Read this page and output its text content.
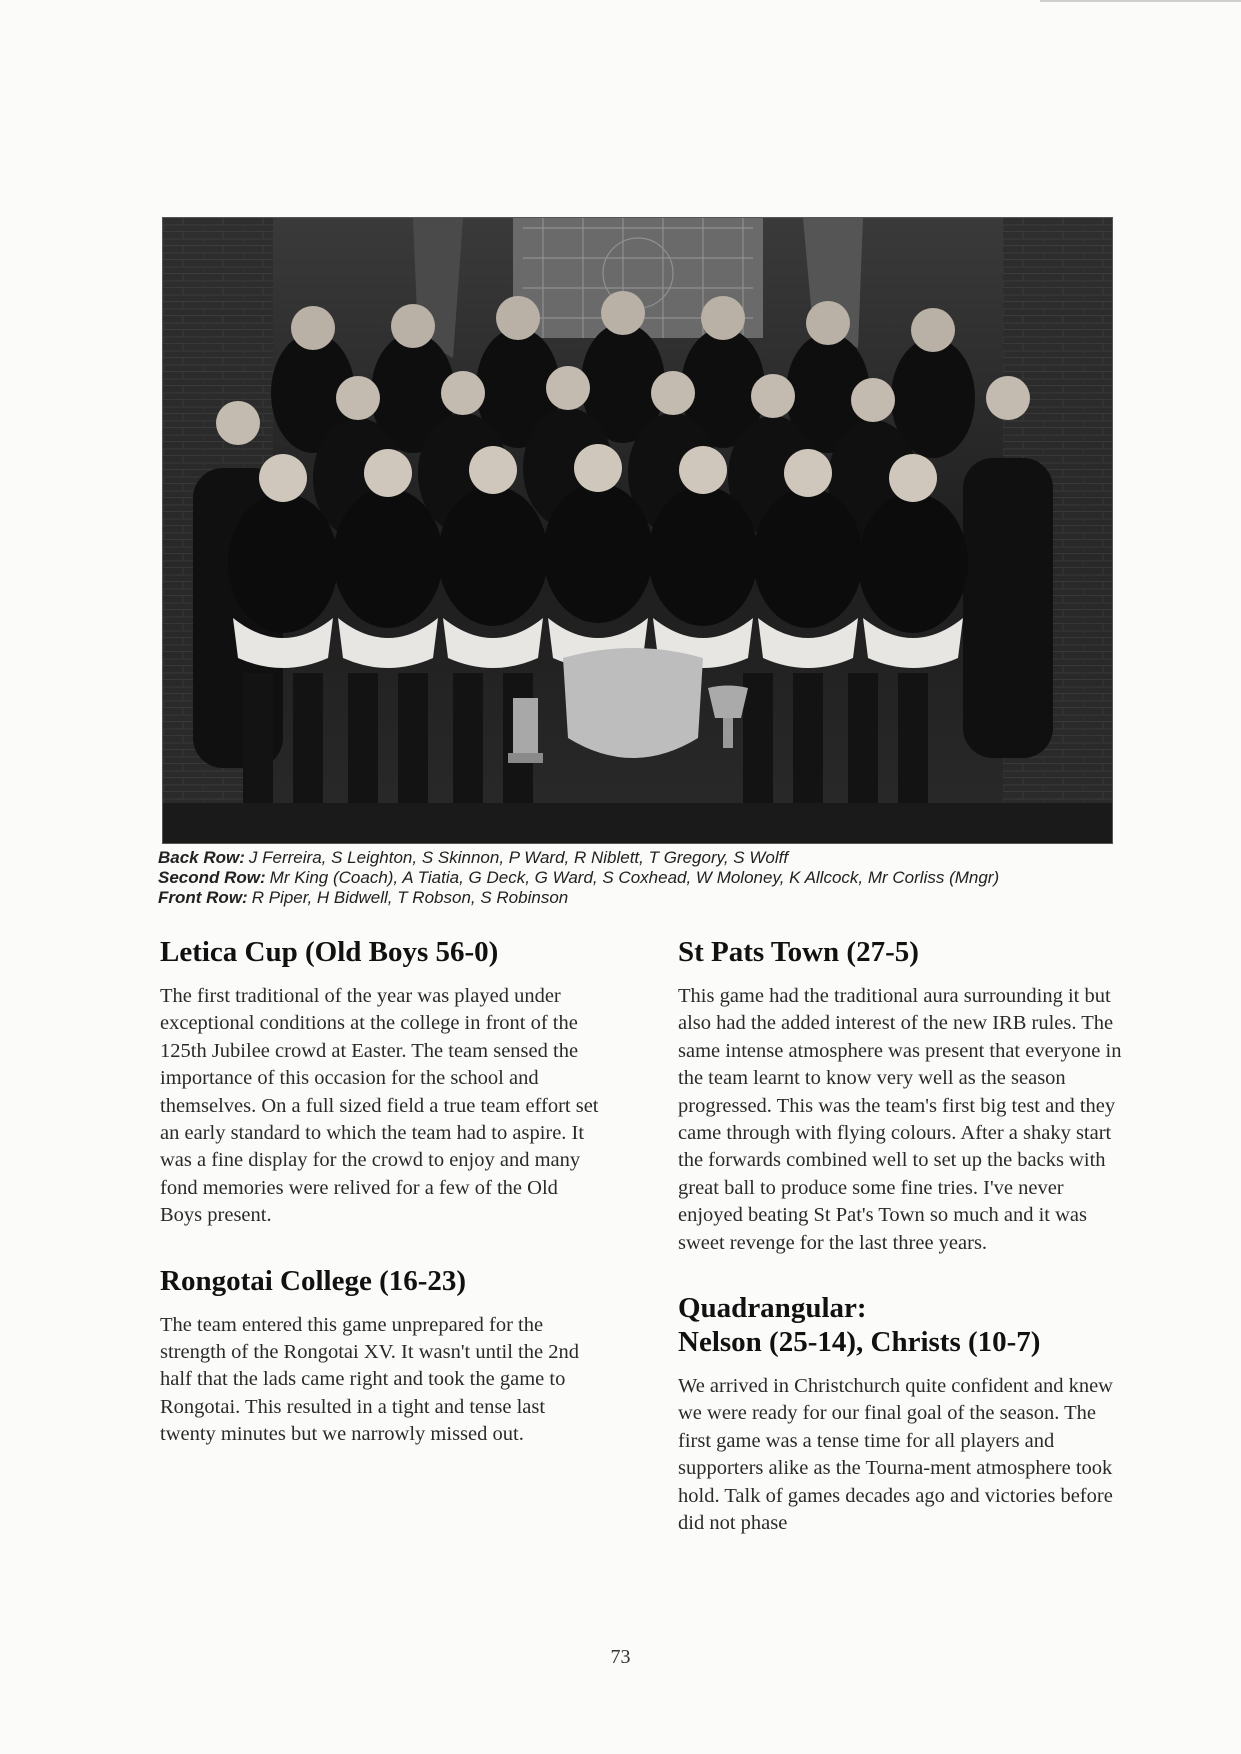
Back Row: J Ferreira, S Leighton, S Skinnon, P Ward, R Niblett, T Gregory, S Wolff
Second Row: Mr King (Coach), A Tiatia, G Deck, G Ward, S Coxhead, W Moloney, K Allcock, Mr Corliss (Mngr)
Front Row: R Piper, H Bidwell, T Robson, S Robinson
Letica Cup (Old Boys 56-0)

The first traditional of the year was played under exceptional conditions at the college in front of the 125th Jubilee crowd at Easter. The team sensed the importance of this occasion for the school and themselves. On a full sized field a true team effort set an early standard to which the team had to aspire. It was a fine display for the crowd to enjoy and many fond memories were relived for a few of the Old Boys present.

Rongotai College (16-23)

The team entered this game unprepared for the strength of the Rongotai XV. It wasn't until the 2nd half that the lads came right and took the game to Rongotai. This resulted in a tight and tense last twenty minutes but we narrowly missed out.

St Pats Town (27-5)

This game had the traditional aura surrounding it but also had the added interest of the new IRB rules. The same intense atmosphere was present that everyone in the team learnt to know very well as the season progressed. This was the team's first big test and they came through with flying colours. After a shaky start the forwards combined well to set up the backs with great ball to produce some fine tries. I've never enjoyed beating St Pat's Town so much and it was sweet revenge for the last three years.

Quadrangular:
Nelson (25-14), Christs (10-7)

We arrived in Christchurch quite confident and knew we were ready for our final goal of the season. The first game was a tense time for all players and supporters alike as the Tourna-ment atmosphere took hold. Talk of games decades ago and victories before did not phase

73
